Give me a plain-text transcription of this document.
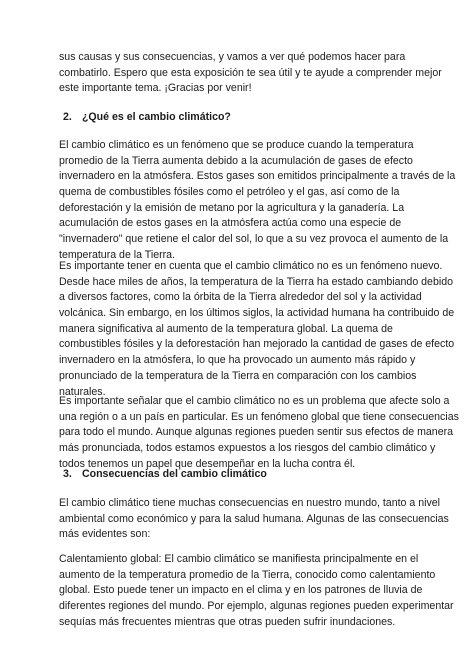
sus causas y sus consecuencias, y vamos a ver qué podemos hacer para
combatirlo. Espero que esta exposición te sea útil y te ayude a comprender mejor
este importante tema. ¡Gracias por venir!
2. ¿Qué es el cambio climático?
El cambio climático es un fenómeno que se produce cuando la temperatura
promedio de la Tierra aumenta debido a la acumulación de gases de efecto
invernadero en la atmósfera. Estos gases son emitidos principalmente a través de la
quema de combustibles fósiles como el petróleo y el gas, así como de la
deforestación y la emisión de metano por la agricultura y la ganadería. La
acumulación de estos gases en la atmósfera actúa como una especie de
"invernadero" que retiene el calor del sol, lo que a su vez provoca el aumento de la
temperatura de la Tierra.
Es importante tener en cuenta que el cambio climático no es un fenómeno nuevo.
Desde hace miles de años, la temperatura de la Tierra ha estado cambiando debido
a diversos factores, como la órbita de la Tierra alrededor del sol y la actividad
volcánica. Sin embargo, en los últimos siglos, la actividad humana ha contribuido de
manera significativa al aumento de la temperatura global. La quema de
combustibles fósiles y la deforestación han mejorado la cantidad de gases de efecto
invernadero en la atmósfera, lo que ha provocado un aumento más rápido y
pronunciado de la temperatura de la Tierra en comparación con los cambios
naturales.
Es importante señalar que el cambio climático no es un problema que afecte solo a
una región o a un país en particular. Es un fenómeno global que tiene consecuencias
para todo el mundo. Aunque algunas regiones pueden sentir sus efectos de manera
más pronunciada, todos estamos expuestos a los riesgos del cambio climático y
todos tenemos un papel que desempeñar en la lucha contra él.
3. Consecuencias del cambio climático
El cambio climático tiene muchas consecuencias en nuestro mundo, tanto a nivel
ambiental como económico y para la salud humana. Algunas de las consecuencias
más evidentes son:
Calentamiento global: El cambio climático se manifiesta principalmente en el
aumento de la temperatura promedio de la Tierra, conocido como calentamiento
global. Esto puede tener un impacto en el clima y en los patrones de lluvia de
diferentes regiones del mundo. Por ejemplo, algunas regiones pueden experimentar
sequías más frecuentes mientras que otras pueden sufrir inundaciones.
